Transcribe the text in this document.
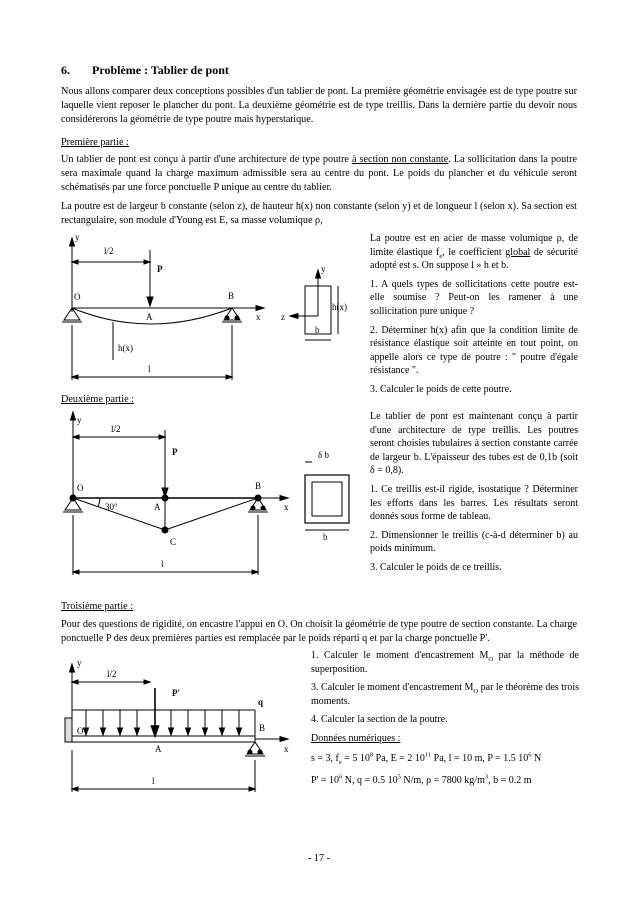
6. Problème : Tablier de pont

Nous allons comparer deux conceptions possibles d'un tablier de pont. La première géométrie envisagée est de type poutre sur laquelle vient reposer le plancher du pont. La deuxième géométrie est de type treillis. Dans la dernière partie du devoir nous considérerons la géométrie de type poutre mais hyperstatique.

Première partie :

Un tablier de pont est conçu à partir d'une architecture de type poutre à section non constante. La sollicitation dans la poutre sera maximale quand la charge maximum admissible sera au centre du pont. Le poids du plancher et du véhicule seront schématisés par une force ponctuelle P unique au centre du tablier.

La poutre est de largeur b constante (selon z), de hauteur h(x) non constante (selon y) et de longueur l (selon x). Sa section est rectangulaire, son module d'Young est E, sa masse volumique ρ,

La poutre est en acier de masse volumique ρ, de limite élastique $f_e$, le coefficient global de sécurité adopté est s. On suppose l » h et b.

1. A quels types de sollicitations cette poutre est-elle soumise ? Peut-on les ramener à une sollicitation pure unique ?

2. Déterminer h(x) afin que la condition limite de résistance élastique soit atteinte en tout point, on appelle alors ce type de poutre : " poutre d'égale résistance ".

3. Calculer le poids de cette poutre.

y
l/2
P
O
A
B
x
h(x)
l
y
z
h(x)
b
Deuxième partie :

Le tablier de pont est maintenant conçu à partir d'une architecture de type treillis. Les poutres seront choisies tubulaires à section constante carrée de largeur b. L'épaisseur des tubes est de 0,1b (soit δ = 0,8).

1. Ce treillis est-il rigide, isostatique ? Déterminer les efforts dans les barres. Les résultats seront donnés sous forme de tableau.

2. Dimensionner le treillis (c-à-d déterminer b) au poids minimum.

3. Calculer le poids de ce treillis.

y
l/2
P
O
A
B
x
30°
C
l
δ b
b
Troisième partie :

Pour des questions de rigidité, on encastre l'appui en O. On choisit la géométrie de type poutre de section constante. La charge ponctuelle P des deux premières parties est remplacée par le poids réparti q et par la charge ponctuelle P'.

1. Calculer le moment d'encastrement $M_O$ par la méthode de superposition.

3. Calculer le moment d'encastrement $M_O$ par le théorème des trois moments.

4. Calculer la section de la poutre.

Données numériques :

s = 3, $f_e = 5$ $10^8$ Pa, E = 2 $10^{11}$ Pa, l = 10 m, P = 1.5 $10^6$ N

$P' = 10^6$ N, q = 0.5 $10^5$ N/m, ρ = 7800 $kg/m^3$, b = 0.2 m

y
l/2
P'
q
O
A
B
x
l
- 17 -
